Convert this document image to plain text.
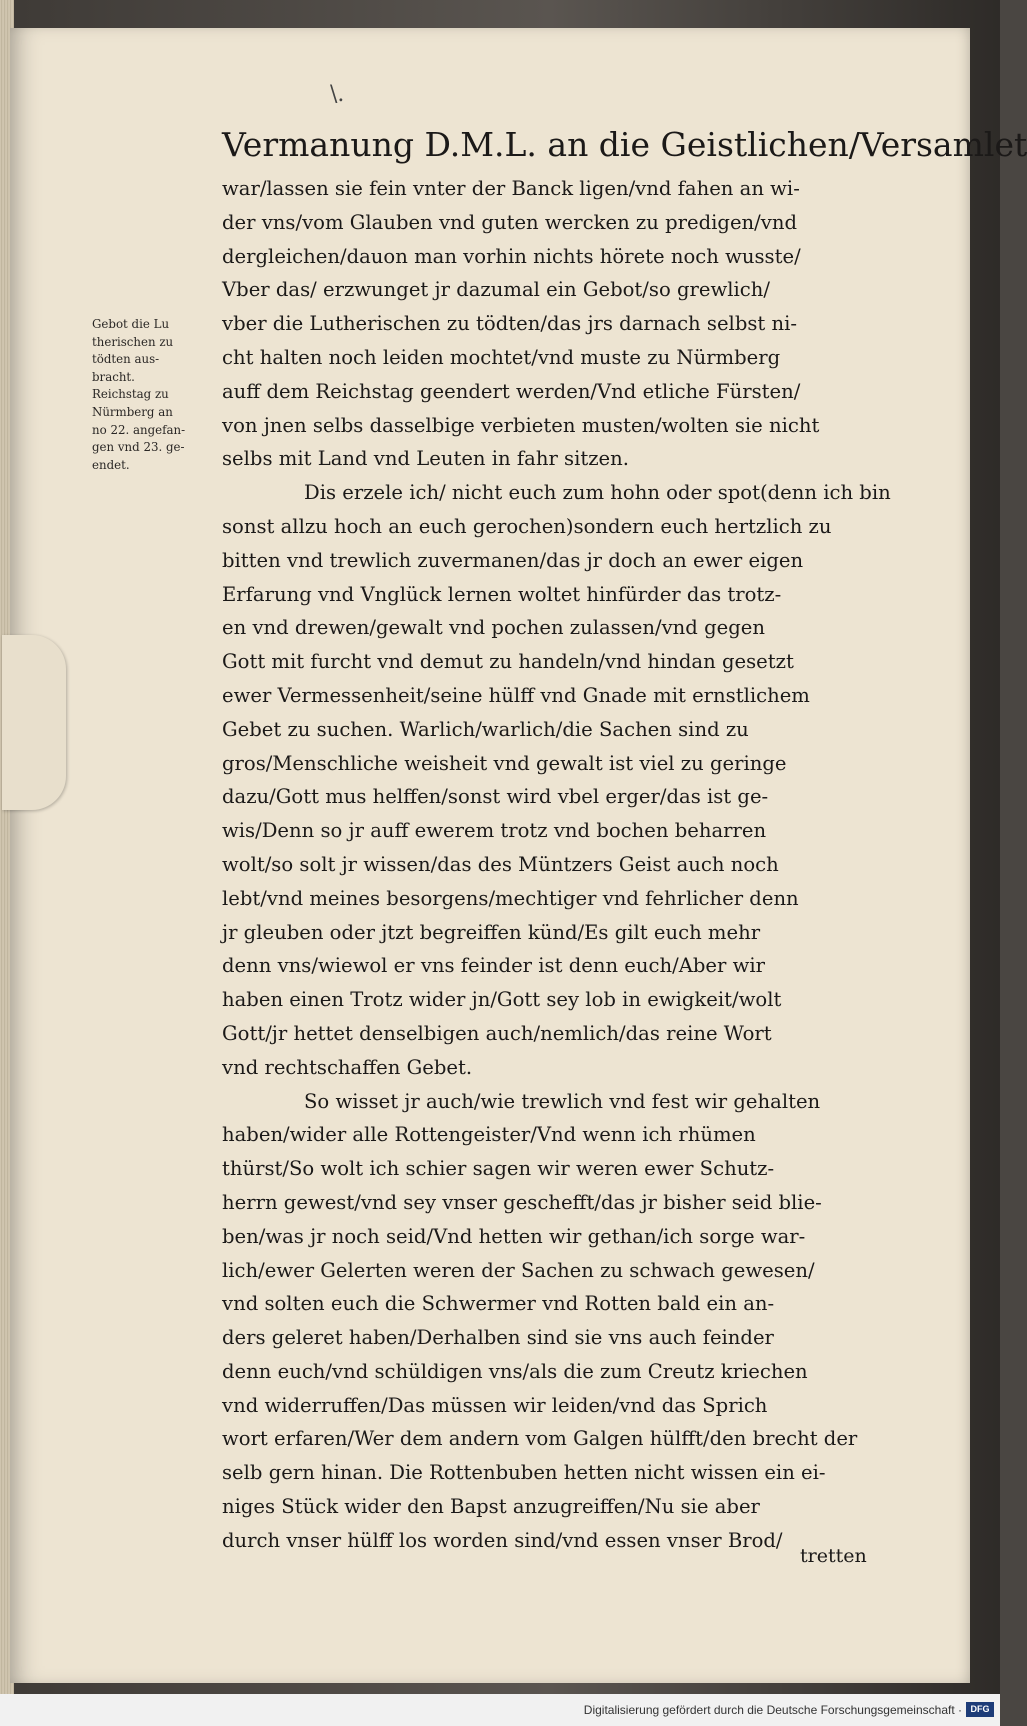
\.
Vermanung D.M.L. an die Geistlichen/Versamlet
Gebot die Lu
therischen zu
tödten aus-
bracht.
Reichstag zu
Nürmberg an
no 22. angefan-
gen vnd 23. ge-
endet.
war/lassen sie fein vnter der Banck ligen/vnd fahen an wi-
der vns/vom Glauben vnd guten wercken zu predigen/vnd
dergleichen/dauon man vorhin nichts hörete noch wusste/
Vber das/ erzwunget jr dazumal ein Gebot/so grewlich/
vber die Lutherischen zu tödten/das jrs darnach selbst ni-
cht halten noch leiden mochtet/vnd muste zu Nürmberg
auff dem Reichstag geendert werden/Vnd etliche Fürsten/
von jnen selbs dasselbige verbieten musten/wolten sie nicht
selbs mit Land vnd Leuten in fahr sitzen.
Dis erzele ich/ nicht euch zum hohn oder spot(denn ich bin
sonst allzu hoch an euch gerochen)sondern euch hertzlich zu
bitten vnd trewlich zuvermanen/das jr doch an ewer eigen
Erfarung vnd Vnglück lernen woltet hinfürder das trotz-
en vnd drewen/gewalt vnd pochen zulassen/vnd gegen
Gott mit furcht vnd demut zu handeln/vnd hindan gesetzt
ewer Vermessenheit/seine hülff vnd Gnade mit ernstlichem
Gebet zu suchen. Warlich/warlich/die Sachen sind zu
gros/Menschliche weisheit vnd gewalt ist viel zu geringe
dazu/Gott mus helffen/sonst wird vbel erger/das ist ge-
wis/Denn so jr auff ewerem trotz vnd bochen beharren
wolt/so solt jr wissen/das des Müntzers Geist auch noch
lebt/vnd meines besorgens/mechtiger vnd fehrlicher denn
jr gleuben oder jtzt begreiffen künd/Es gilt euch mehr
denn vns/wiewol er vns feinder ist denn euch/Aber wir
haben einen Trotz wider jn/Gott sey lob in ewigkeit/wolt
Gott/jr hettet denselbigen auch/nemlich/das reine Wort
vnd rechtschaffen Gebet.
So wisset jr auch/wie trewlich vnd fest wir gehalten
haben/wider alle Rottengeister/Vnd wenn ich rhümen
thürst/So wolt ich schier sagen wir weren ewer Schutz-
herrn gewest/vnd sey vnser geschefft/das jr bisher seid blie-
ben/was jr noch seid/Vnd hetten wir gethan/ich sorge war-
lich/ewer Gelerten weren der Sachen zu schwach gewesen/
vnd solten euch die Schwermer vnd Rotten bald ein an-
ders geleret haben/Derhalben sind sie vns auch feinder
denn euch/vnd schüldigen vns/als die zum Creutz kriechen
vnd widerruffen/Das müssen wir leiden/vnd das Sprich
wort erfaren/Wer dem andern vom Galgen hülfft/den brecht der
selb gern hinan. Die Rottenbuben hetten nicht wissen ein ei-
niges Stück wider den Bapst anzugreiffen/Nu sie aber
durch vnser hülff los worden sind/vnd essen vnser Brod/
tretten
Digitalisierung gefördert durch die Deutsche Forschungsgemeinschaft · DFG
